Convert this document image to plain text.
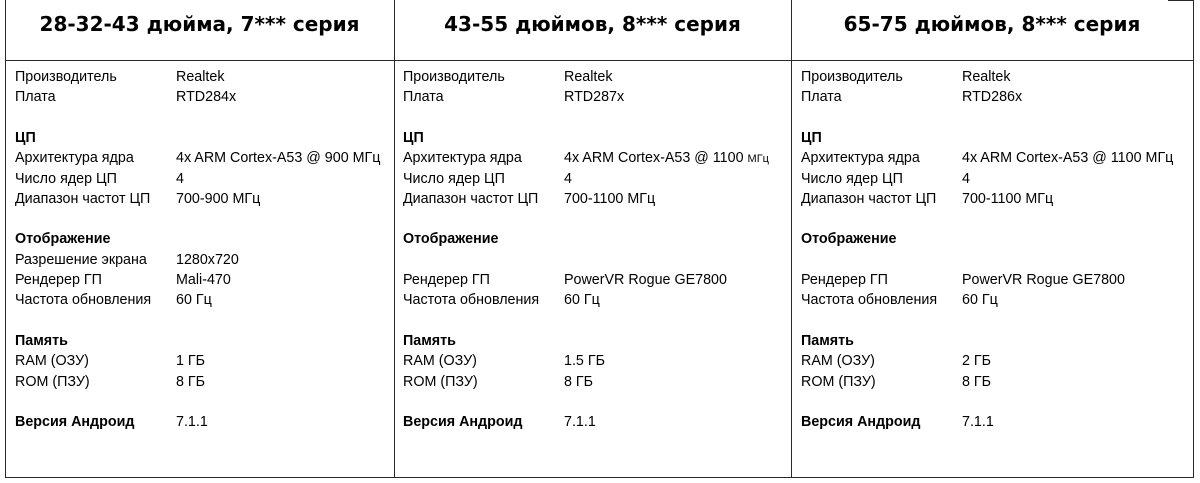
28-32-43 дюйма, 7*** серия
Производитель	Realtek
Плата	RTD284x
ЦП
Архитектура ядра	4x ARM Cortex-A53 @ 900 МГц
Число ядер ЦП	4
Диапазон частот ЦП 700-900 МГц
Отображение
Разрешение экрана 1280x720
Рендерер ГП	Mali-470
Частота обновления 60 Гц
Память
RAM (ОЗУ)	1 ГБ
ROM (ПЗУ)	8 ГБ
Версия Андроид	7.1.1
43-55 дюймов, 8*** серия
Производитель	Realtek
Плата	RTD287x
ЦП
Архитектура ядра	4x ARM Cortex-A53 @ 1100 МГц
Число ядер ЦП	4
Диапазон частот ЦП 700-1100 МГц
Отображение
Рендерер ГП	PowerVR Rogue GE7800
Частота обновления 60 Гц
Память
RAM (ОЗУ)	1.5 ГБ
ROM (ПЗУ)	8 ГБ
Версия Андроид	7.1.1
65-75 дюймов, 8*** серия
Производитель	Realtek
Плата	RTD286x
ЦП
Архитектура ядра	4x ARM Cortex-A53 @ 1100 МГц
Число ядер ЦП	4
Диапазон частот ЦП 700-1100 МГц
Отображение
Рендерер ГП	PowerVR Rogue GE7800
Частота обновления 60 Гц
Память
RAM (ОЗУ)	2 ГБ
ROM (ПЗУ)	8 ГБ
Версия Андроид	7.1.1
